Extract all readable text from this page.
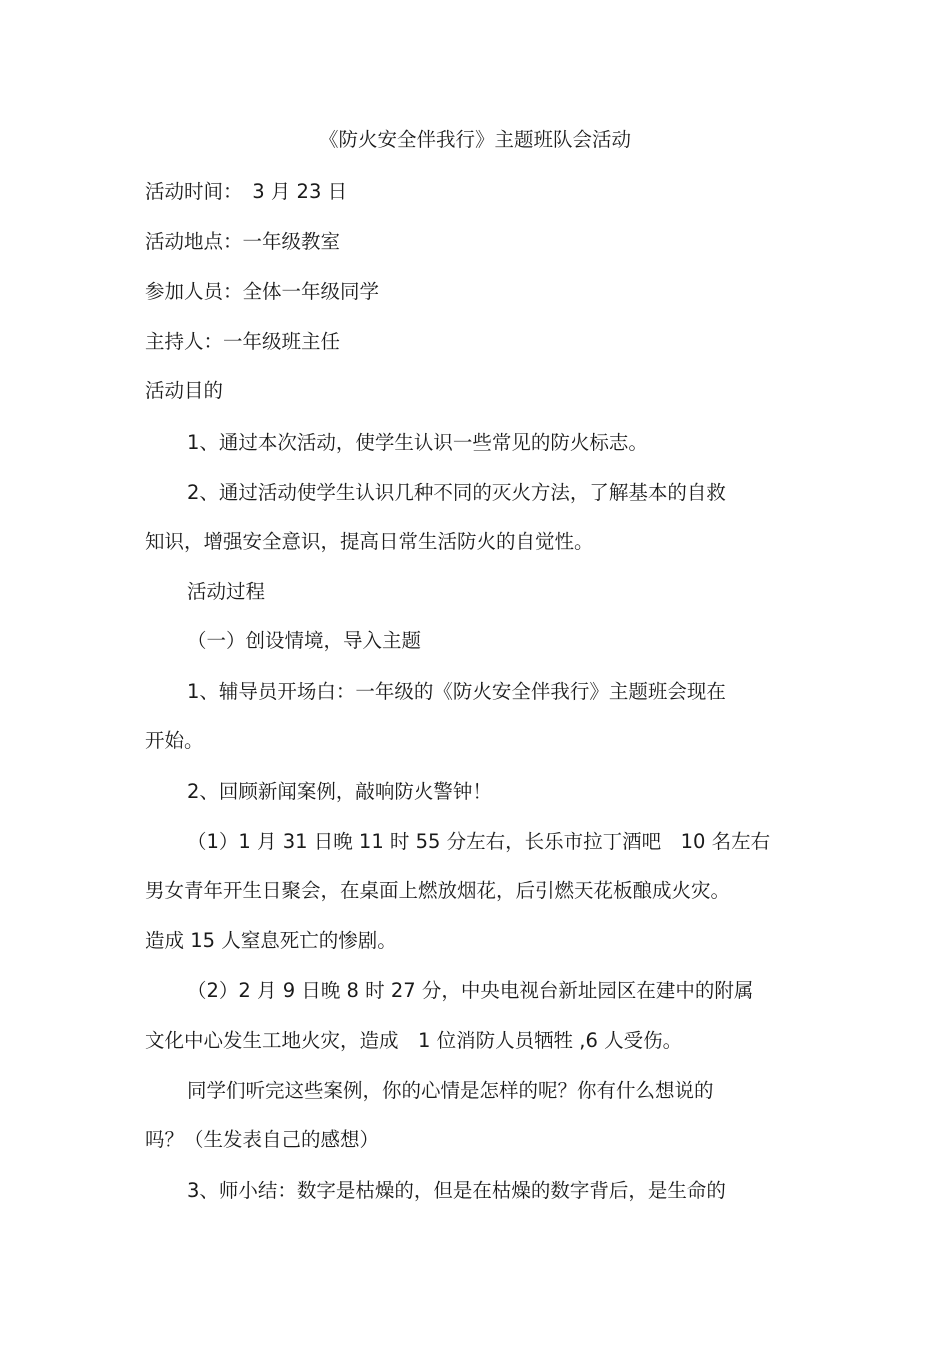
《防火安全伴我行》主题班队会活动
活动时间：　3 月 23 日
活动地点：一年级教室
参加人员：全体一年级同学
主持人：一年级班主任
活动目的
1、通过本次活动，使学生认识一些常见的防火标志。
2、通过活动使学生认识几种不同的灭火方法，了解基本的自救
知识，增强安全意识，提高日常生活防火的自觉性。
活动过程
（一）创设情境，导入主题
1、辅导员开场白：一年级的《防火安全伴我行》主题班会现在
开始。
2、回顾新闻案例，敲响防火警钟！
（1）1 月 31 日晚 11 时 55 分左右，长乐市拉丁酒吧　10 名左右
男女青年开生日聚会，在桌面上燃放烟花，后引燃天花板酿成火灾。
造成 15 人窒息死亡的惨剧。
（2）2 月 9 日晚 8 时 27 分，中央电视台新址园区在建中的附属
文化中心发生工地火灾，造成　1 位消防人员牺牲 ,6 人受伤。
同学们听完这些案例，你的心情是怎样的呢？你有什么想说的
吗？（生发表自己的感想）
3、师小结：数字是枯燥的，但是在枯燥的数字背后，是生命的
